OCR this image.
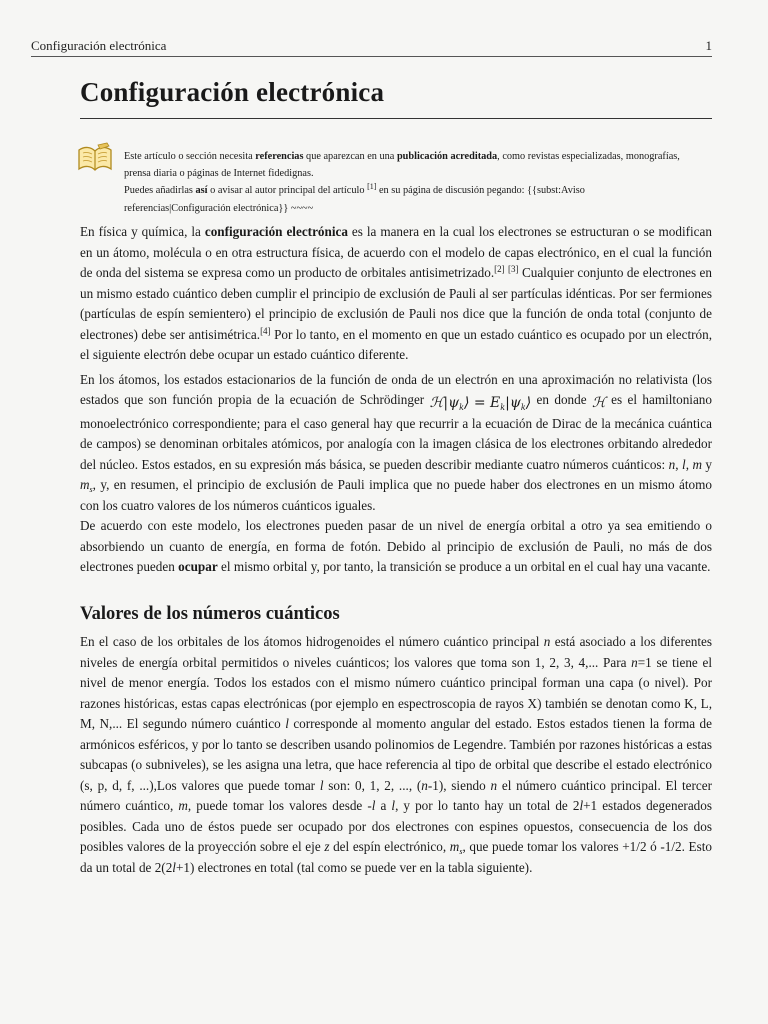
Configuración electrónica	1
Configuración electrónica
Este artículo o sección necesita referencias que aparezcan en una publicación acreditada, como revistas especializadas, monografías,
prensa diaria o páginas de Internet fidedignas.
Puedes añadirlas así o avisar al autor principal del artículo [1] en su página de discusión pegando: {{subst:Aviso
referencias|Configuración electrónica}} ~~~~

En física y química, la configuración electrónica es la manera en la cual los electrones se estructuran o se modifican en un átomo, molécula o en otra estructura física, de acuerdo con el modelo de capas electrónico, en el cual la función de onda del sistema se expresa como un producto de orbitales antisimetrizado.[2] [3] Cualquier conjunto de electrones en un mismo estado cuántico deben cumplir el principio de exclusión de Pauli al ser partículas idénticas. Por ser fermiones (partículas de espín semientero) el principio de exclusión de Pauli nos dice que la función de onda total (conjunto de electrones) debe ser antisimétrica.[4] Por lo tanto, en el momento en que un estado cuántico es ocupado por un electrón, el siguiente electrón debe ocupar un estado cuántico diferente.

En los átomos, los estados estacionarios de la función de onda de un electrón en una aproximación no relativista (los estados que son función propia de la ecuación de Schrödinger $ℋ|\psi_k⟩$ = $E_k|\psi_k⟩$ en donde ℋ es el hamiltoniano monoelectrónico correspondiente; para el caso general hay que recurrir a la ecuación de Dirac de la mecánica cuántica de campos) se denominan orbitales atómicos, por analogía con la imagen clásica de los electrones orbitando alrededor del núcleo. Estos estados, en su expresión más básica, se pueden describir mediante cuatro números cuánticos: n, l, m y $m_s$, y, en resumen, el principio de exclusión de Pauli implica que no puede haber dos electrones en un mismo átomo con los cuatro valores de los números cuánticos iguales.

De acuerdo con este modelo, los electrones pueden pasar de un nivel de energía orbital a otro ya sea emitiendo o absorbiendo un cuanto de energía, en forma de fotón. Debido al principio de exclusión de Pauli, no más de dos electrones pueden ocupar el mismo orbital y, por tanto, la transición se produce a un orbital en el cual hay una vacante.

Valores de los números cuánticos

En el caso de los orbitales de los átomos hidrogenoides el número cuántico principal n está asociado a los diferentes niveles de energía orbital permitidos o niveles cuánticos; los valores que toma son 1, 2, 3, 4,... Para n=1 se tiene el nivel de menor energía. Todos los estados con el mismo número cuántico principal forman una capa (o nivel). Por razones históricas, estas capas electrónicas (por ejemplo en espectroscopia de rayos X) también se denotan como K, L, M, N,... El segundo número cuántico l corresponde al momento angular del estado. Estos estados tienen la forma de armónicos esféricos, y por lo tanto se describen usando polinomios de Legendre. También por razones históricas a estas subcapas (o subniveles), se les asigna una letra, que hace referencia al tipo de orbital que describe el estado electrónico (s, p, d, f, ...),Los valores que puede tomar l son: 0, 1, 2, ..., (n-1), siendo n el número cuántico principal. El tercer número cuántico, m, puede tomar los valores desde -l a l, y por lo tanto hay un total de 2l+1 estados degenerados posibles. Cada uno de éstos puede ser ocupado por dos electrones con espines opuestos, consecuencia de los dos posibles valores de la proyección sobre el eje z del espín electrónico, $m_s$, que puede tomar los valores +1/2 ó -1/2. Esto da un total de 2(2l+1) electrones en total (tal como se puede ver en la tabla siguiente).
